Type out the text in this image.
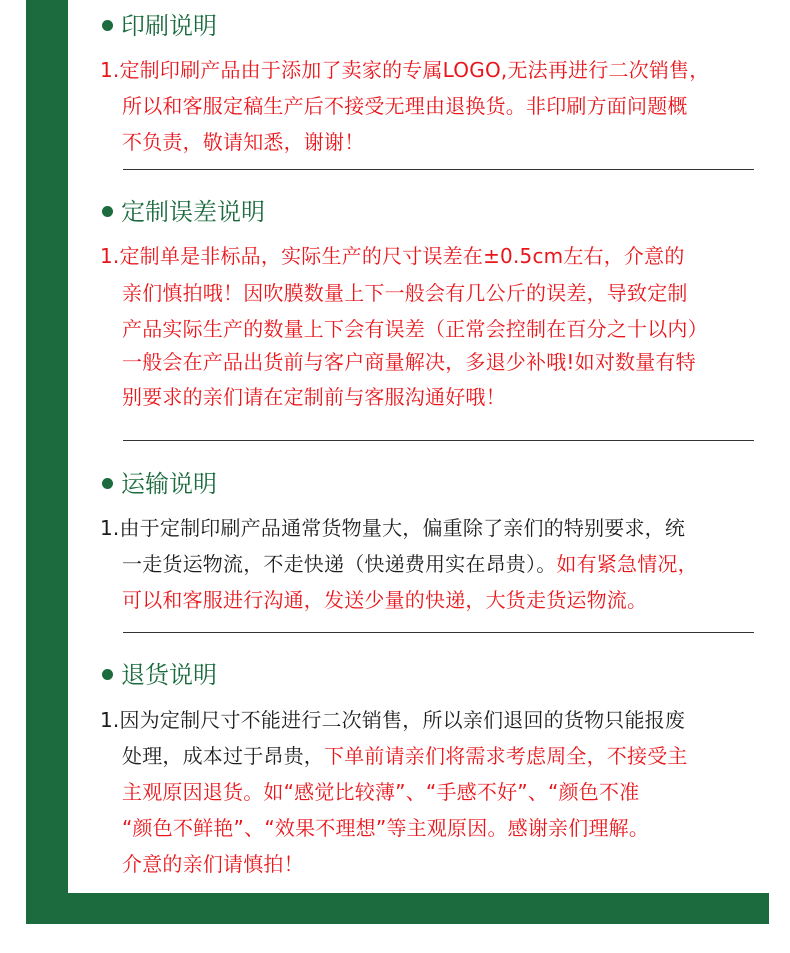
印刷说明
1.定制印刷产品由于添加了卖家的专属LOGO,无法再进行二次销售，
所以和客服定稿生产后不接受无理由退换货。非印刷方面问题概
不负责，敬请知悉，谢谢！
定制误差说明
1.定制单是非标品，实际生产的尺寸误差在±0.5cm左右，介意的
亲们慎拍哦！因吹膜数量上下一般会有几公斤的误差，导致定制
产品实际生产的数量上下会有误差（正常会控制在百分之十以内）
一般会在产品出货前与客户商量解决，多退少补哦!如对数量有特
别要求的亲们请在定制前与客服沟通好哦！
运输说明
1.由于定制印刷产品通常货物量大，偏重除了亲们的特别要求，统
一走货运物流，不走快递（快递费用实在昂贵）。如有紧急情况，
可以和客服进行沟通，发送少量的快递，大货走货运物流。
退货说明
1.因为定制尺寸不能进行二次销售，所以亲们退回的货物只能报废
处理，成本过于昂贵，下单前请亲们将需求考虑周全，不接受主
主观原因退货。如“感觉比较薄”、“手感不好”、“颜色不准
“颜色不鲜艳”、“效果不理想”等主观原因。感谢亲们理解。
介意的亲们请慎拍！
